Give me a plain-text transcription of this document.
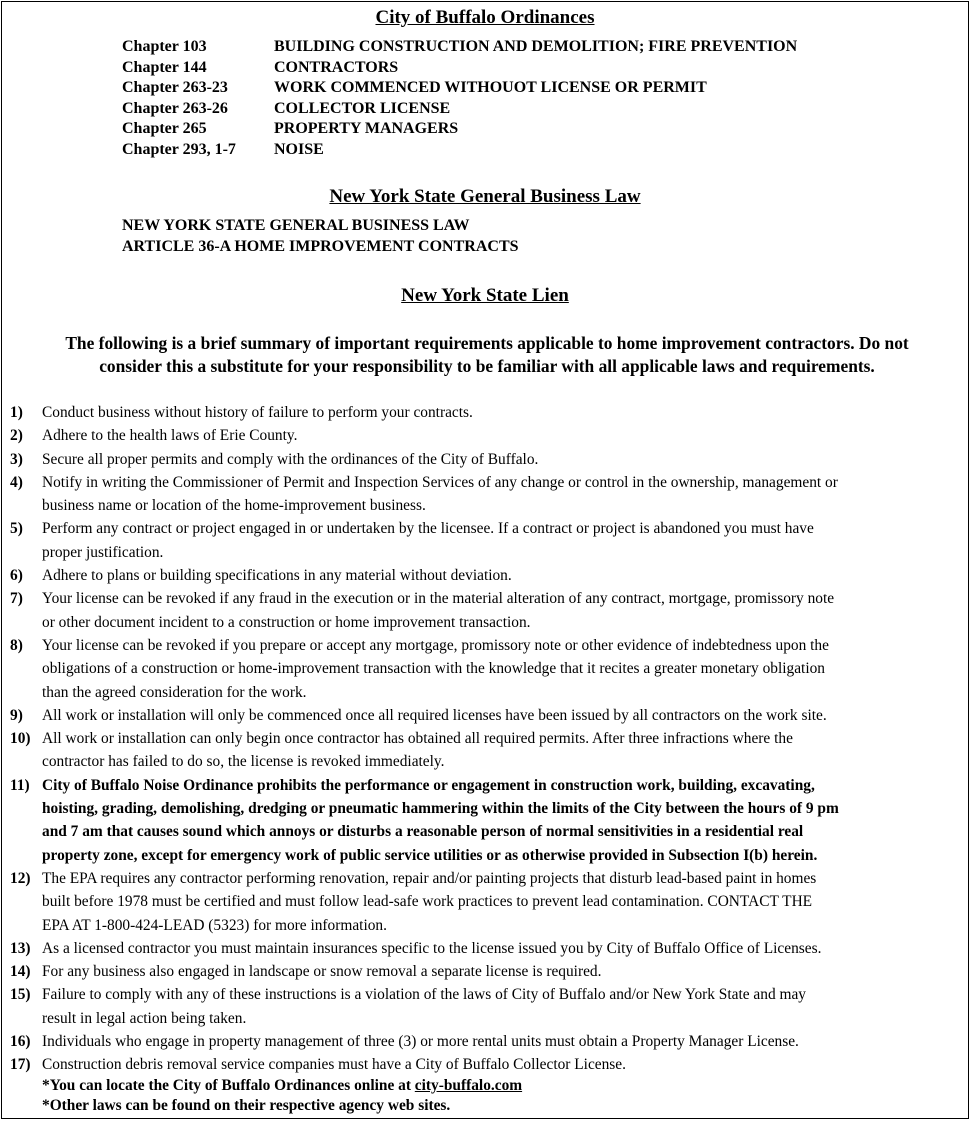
City of Buffalo Ordinances
Chapter 103	BUILDING CONSTRUCTION AND DEMOLITION; FIRE PREVENTION
Chapter 144	CONTRACTORS
Chapter 263-23	WORK COMMENCED WITHOUOT LICENSE OR PERMIT
Chapter 263-26	COLLECTOR LICENSE
Chapter 265	PROPERTY MANAGERS
Chapter 293, 1-7	NOISE
New York State General Business Law
NEW YORK STATE GENERAL BUSINESS LAW
ARTICLE 36-A HOME IMPROVEMENT CONTRACTS
New York State Lien
The following is a brief summary of important requirements applicable to home improvement contractors. Do not
consider this a substitute for your responsibility to be familiar with all applicable laws and requirements.
1)	Conduct business without history of failure to perform your contracts.
2)	Adhere to the health laws of Erie County.
3)	Secure all proper permits and comply with the ordinances of the City of Buffalo.
4)	Notify in writing the Commissioner of Permit and Inspection Services of any change or control in the ownership, management or
business name or location of the home-improvement business.
5)	Perform any contract or project engaged in or undertaken by the licensee. If a contract or project is abandoned you must have
proper justification.
6)	Adhere to plans or building specifications in any material without deviation.
7)	Your license can be revoked if any fraud in the execution or in the material alteration of any contract, mortgage, promissory note
or other document incident to a construction or home improvement transaction.
8)	Your license can be revoked if you prepare or accept any mortgage, promissory note or other evidence of indebtedness upon the
obligations of a construction or home-improvement transaction with the knowledge that it recites a greater monetary obligation
than the agreed consideration for the work.
9)	All work or installation will only be commenced once all required licenses have been issued by all contractors on the work site.
10) All work or installation can only begin once contractor has obtained all required permits. After three infractions where the
contractor has failed to do so, the license is revoked immediately.
11) City of Buffalo Noise Ordinance prohibits the performance or engagement in construction work, building, excavating,
hoisting, grading, demolishing, dredging or pneumatic hammering within the limits of the City between the hours of 9 pm
and 7 am that causes sound which annoys or disturbs a reasonable person of normal sensitivities in a residential real
property zone, except for emergency work of public service utilities or as otherwise provided in Subsection I(b) herein.
12) The EPA requires any contractor performing renovation, repair and/or painting projects that disturb lead-based paint in homes
built before 1978 must be certified and must follow lead-safe work practices to prevent lead contamination. CONTACT THE
EPA AT 1-800-424-LEAD (5323) for more information.
13) As a licensed contractor you must maintain insurances specific to the license issued you by City of Buffalo Office of Licenses.
14) For any business also engaged in landscape or snow removal a separate license is required.
15) Failure to comply with any of these instructions is a violation of the laws of City of Buffalo and/or New York State and may
result in legal action being taken.
16) Individuals who engage in property management of three (3) or more rental units must obtain a Property Manager License.
17) Construction debris removal service companies must have a City of Buffalo Collector License.
*You can locate the City of Buffalo Ordinances online at city-buffalo.com
*Other laws can be found on their respective agency web sites.
